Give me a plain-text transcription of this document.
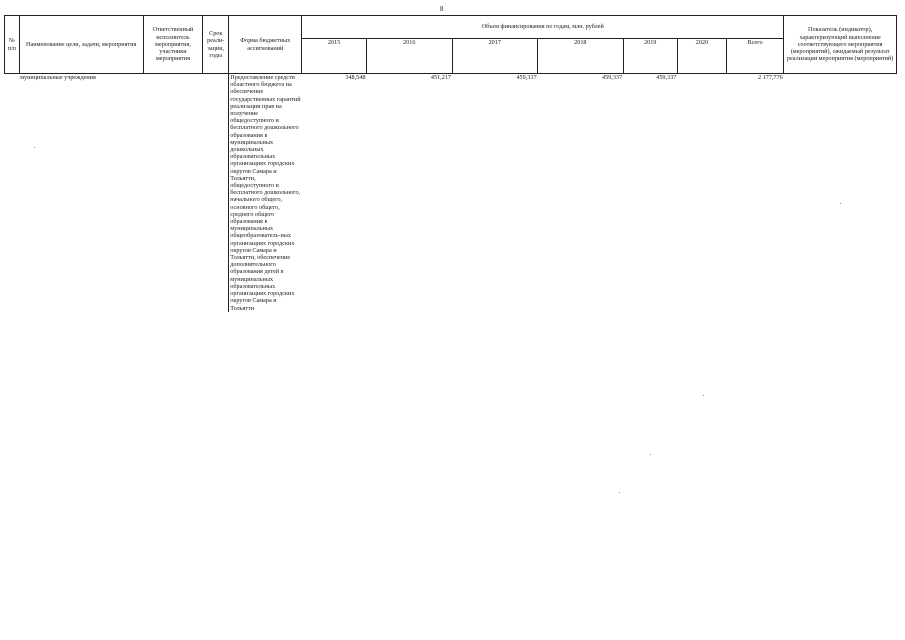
8
№ п/п	Наименование цели, задачи, мероприятия	Ответственный исполнитель мероприятия, участники мероприятия	Срок реали-зации, годы	Форма бюджетных ассигнований	Объем финансирования по годам, млн. рублей							Показатель (индикатор), характеризующий выполнение соответствующего мероприятия (мероприятий), ожидаемый результат реализации мероприятия (мероприятий)
					2015	2016	2017	2018	2019	2020	Всего	

	муниципальные учреждения			Предоставление средств областного бюджета на обеспечение государственных гарантий реализации прав на получение общедоступного и бесплатного дошкольного образования в муниципальных дошкольных образовательных организациях городских округов Самара и Тольятти, общедоступного и бесплатного дошкольного, начального общего, основного общего, среднего общего образования в муниципальных общеобразователь-ных организациях городских округов Самара и Тольятти, обеспечение дополнительного образования детей в муниципальных образовательных организациях городских округов Самара и Тольятти	348,548	451,217	459,337	459,337	459,337		2 177,776	
